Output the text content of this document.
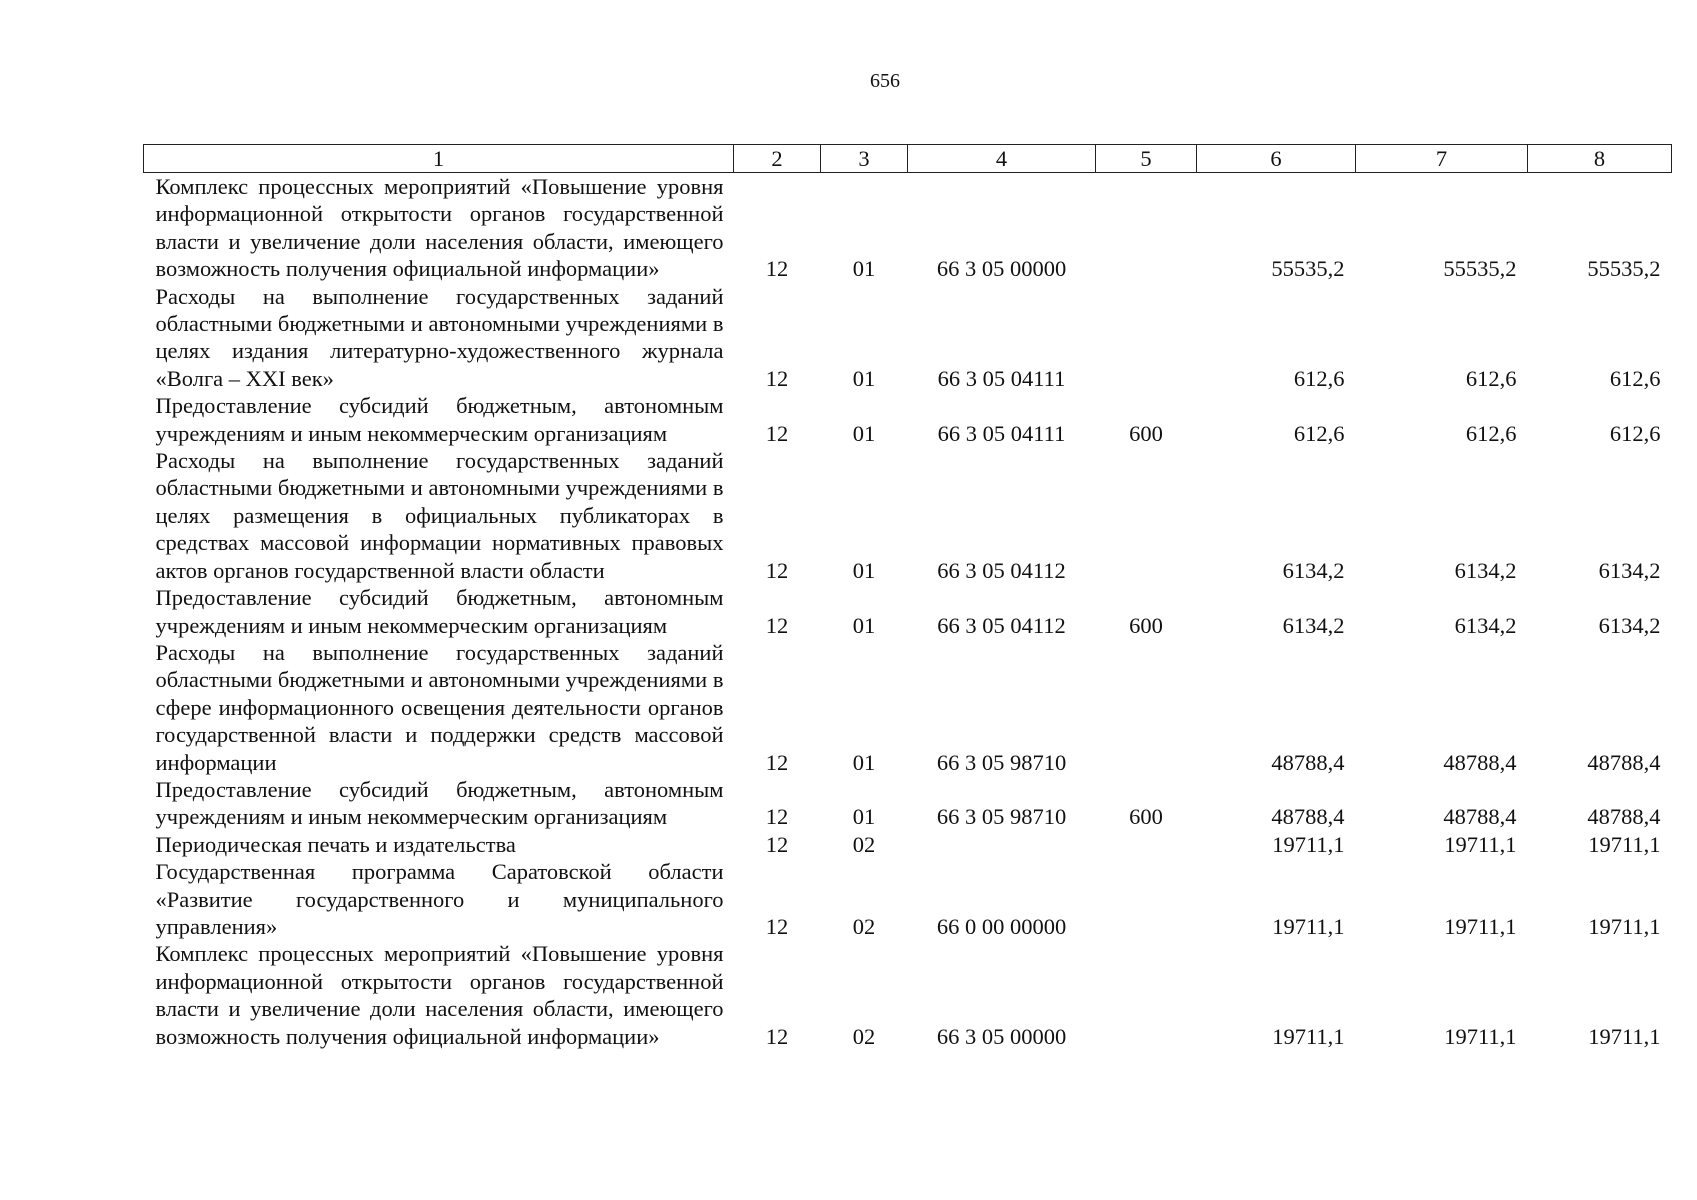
656
1	2	3	4	5	6	7	8
Комплекс процессных мероприятий «Повышение уровня информационной открытости органов государственной власти и увеличение доли населения области, имеющего возможность получения официальной информации»	12	01	66 3 05 00000		55535,2	55535,2	55535,2
Расходы на выполнение государственных заданий областными бюджетными и автономными учреждениями в целях издания литературно-художественного журнала «Волга – XXI век»	12	01	66 3 05 04111		612,6	612,6	612,6
Предоставление субсидий бюджетным, автономным учреждениям и иным некоммерческим организациям	12	01	66 3 05 04111	600	612,6	612,6	612,6
Расходы на выполнение государственных заданий областными бюджетными и автономными учреждениями в целях размещения в официальных публикаторах в средствах массовой информации нормативных правовых актов органов государственной власти области	12	01	66 3 05 04112		6134,2	6134,2	6134,2
Предоставление субсидий бюджетным, автономным учреждениям и иным некоммерческим организациям	12	01	66 3 05 04112	600	6134,2	6134,2	6134,2
Расходы на выполнение государственных заданий областными бюджетными и автономными учреждениями в сфере информационного освещения деятельности органов государственной власти и поддержки средств массовой информации	12	01	66 3 05 98710		48788,4	48788,4	48788,4
Предоставление субсидий бюджетным, автономным учреждениям и иным некоммерческим организациям	12	01	66 3 05 98710	600	48788,4	48788,4	48788,4
Периодическая печать и издательства	12	02			19711,1	19711,1	19711,1
Государственная программа Саратовской области «Развитие государственного и муниципального управления»	12	02	66 0 00 00000		19711,1	19711,1	19711,1
Комплекс процессных мероприятий «Повышение уровня информационной открытости органов государственной власти и увеличение доли населения области, имеющего возможность получения официальной информации»	12	02	66 3 05 00000		19711,1	19711,1	19711,1
